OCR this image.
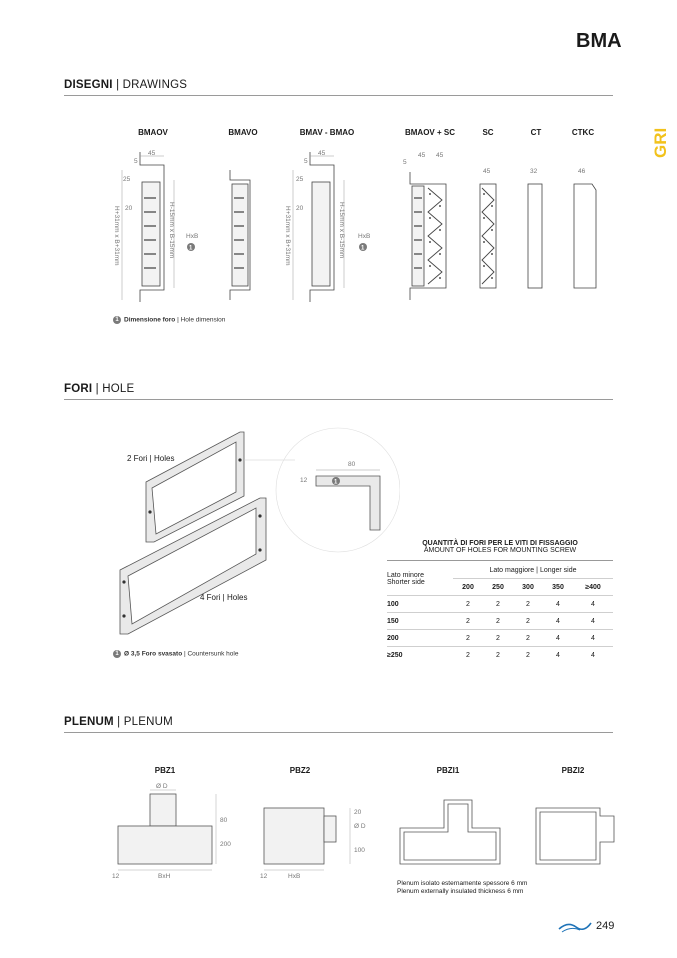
BMA
GRI
DISEGNI | DRAWINGS
BMAOV	BMAVO	BMAV - BMAO	BMAOV + SC	SC	CT	CTKC
45
5
25
20
45
5
25
20
45 45
5
45	32	46
H+31mm x B+31mm	H-15mm x B-15mm	H+31mm x B+31mm	H-15mm x B-15mm
HxB	HxB
1	1
1 Dimensione foro | Hole dimension
FORI | HOLE
80
12	1
2 Fori | Holes
4 Fori | Holes
1 Ø 3,5 Foro svasato | Countersunk hole
QUANTITÀ DI FORI PER LE VITI DI FISSAGGIO
AMOUNT OF HOLES FOR MOUNTING SCREW
Lato minore
Shorter side	Lato maggiore | Longer side				
	200	250	300	350	≥400
100	2	2	2	4	4
150	2	2	2	4	4
200	2	2	2	4	4
≥250	2	2	2	4	4
PLENUM | PLENUM
PBZ1	PBZ2	PBZI1	PBZI2
Ø D
80
200
12	BxH	12	HxB
20
Ø D
100
Plenum isolato esternamente spessore 6 mm
Plenum externally insulated thickness 6 mm
249
